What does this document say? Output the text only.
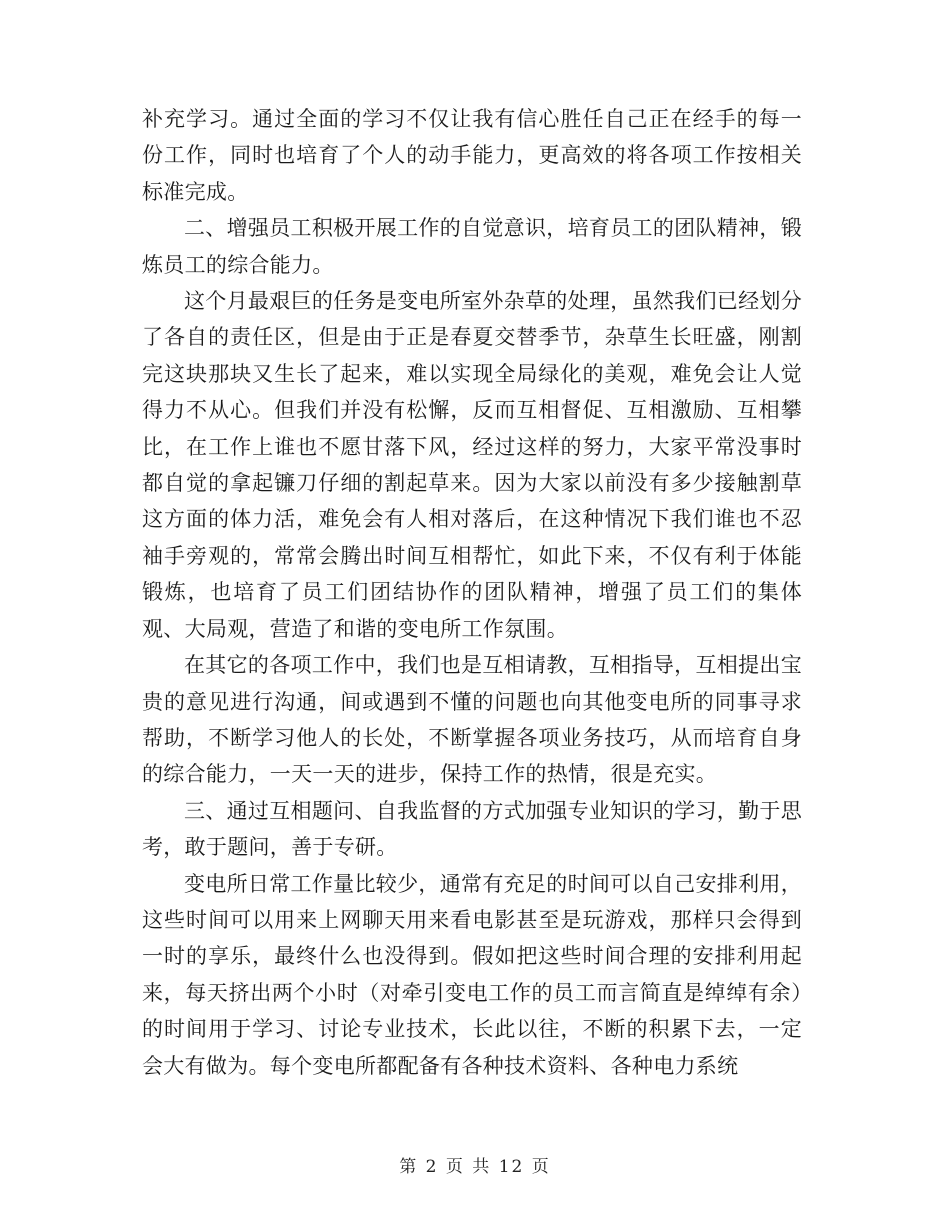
补充学习。通过全面的学习不仅让我有信心胜任自己正在经手的每一份工作，同时也培育了个人的动手能力，更高效的将各项工作按相关标准完成。

二、增强员工积极开展工作的自觉意识，培育员工的团队精神，锻炼员工的综合能力。

这个月最艰巨的任务是变电所室外杂草的处理，虽然我们已经划分了各自的责任区，但是由于正是春夏交替季节，杂草生长旺盛，刚割完这块那块又生长了起来，难以实现全局绿化的美观，难免会让人觉得力不从心。但我们并没有松懈，反而互相督促、互相激励、互相攀比，在工作上谁也不愿甘落下风，经过这样的努力，大家平常没事时都自觉的拿起镰刀仔细的割起草来。因为大家以前没有多少接触割草这方面的体力活，难免会有人相对落后，在这种情况下我们谁也不忍袖手旁观的，常常会腾出时间互相帮忙，如此下来，不仅有利于体能锻炼，也培育了员工们团结协作的团队精神，增强了员工们的集体观、大局观，营造了和谐的变电所工作氛围。

在其它的各项工作中，我们也是互相请教，互相指导，互相提出宝贵的意见进行沟通，间或遇到不懂的问题也向其他变电所的同事寻求帮助，不断学习他人的长处，不断掌握各项业务技巧，从而培育自身的综合能力，一天一天的进步，保持工作的热情，很是充实。

三、通过互相题问、自我监督的方式加强专业知识的学习，勤于思考，敢于题问，善于专研。

变电所日常工作量比较少，通常有充足的时间可以自己安排利用，这些时间可以用来上网聊天用来看电影甚至是玩游戏，那样只会得到一时的享乐，最终什么也没得到。假如把这些时间合理的安排利用起来，每天挤出两个小时（对牵引变电工作的员工而言简直是绰绰有余）的时间用于学习、讨论专业技术，长此以往，不断的积累下去，一定会大有做为。每个变电所都配备有各种技术资料、各种电力系统

第 2 页 共 12 页
